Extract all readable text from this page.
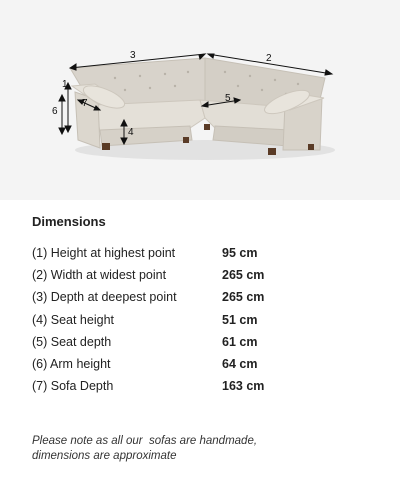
3	2
1
6
7
4
5
Dimensions
(1) Height at highest point	95 cm
(2) Width at widest point	265 cm
(3) Depth at deepest point	265 cm
(4) Seat height	51 cm
(5) Seat depth	61 cm
(6) Arm height	64 cm
(7) Sofa Depth	163 cm
Please note as all our  sofas are handmade,
dimensions are approximate
